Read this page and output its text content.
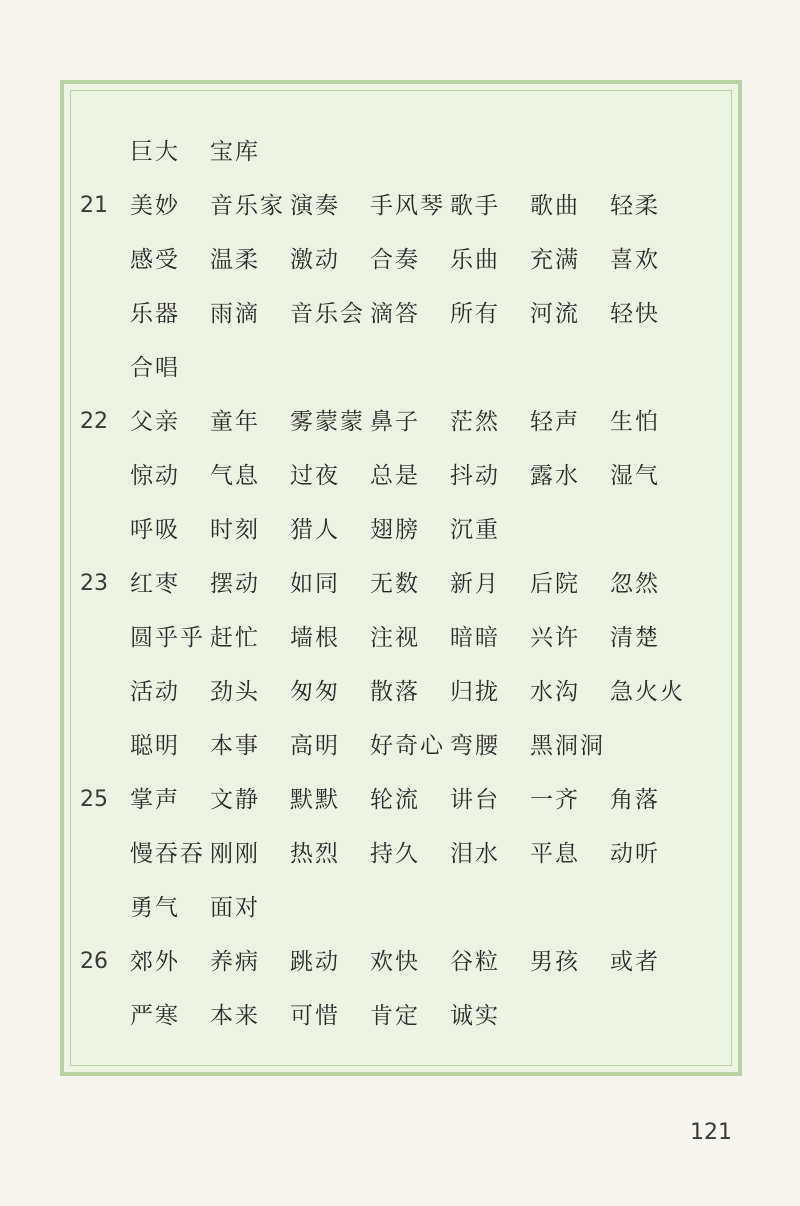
巨大 宝库
21 美妙 音乐家 演奏 手风琴 歌手 歌曲 轻柔
感受 温柔 激动 合奏 乐曲 充满 喜欢
乐器 雨滴 音乐会 滴答 所有 河流 轻快
合唱
22 父亲 童年 雾蒙蒙 鼻子 茫然 轻声 生怕
惊动 气息 过夜 总是 抖动 露水 湿气
呼吸 时刻 猎人 翅膀 沉重
23 红枣 摆动 如同 无数 新月 后院 忽然
圆乎乎 赶忙 墙根 注视 暗暗 兴许 清楚
活动 劲头 匆匆 散落 归拢 水沟 急火火
聪明 本事 高明 好奇心 弯腰 黑洞洞
25 掌声 文静 默默 轮流 讲台 一齐 角落
慢吞吞 刚刚 热烈 持久 泪水 平息 动听
勇气 面对
26 郊外 养病 跳动 欢快 谷粒 男孩 或者
严寒 本来 可惜 肯定 诚实
121
